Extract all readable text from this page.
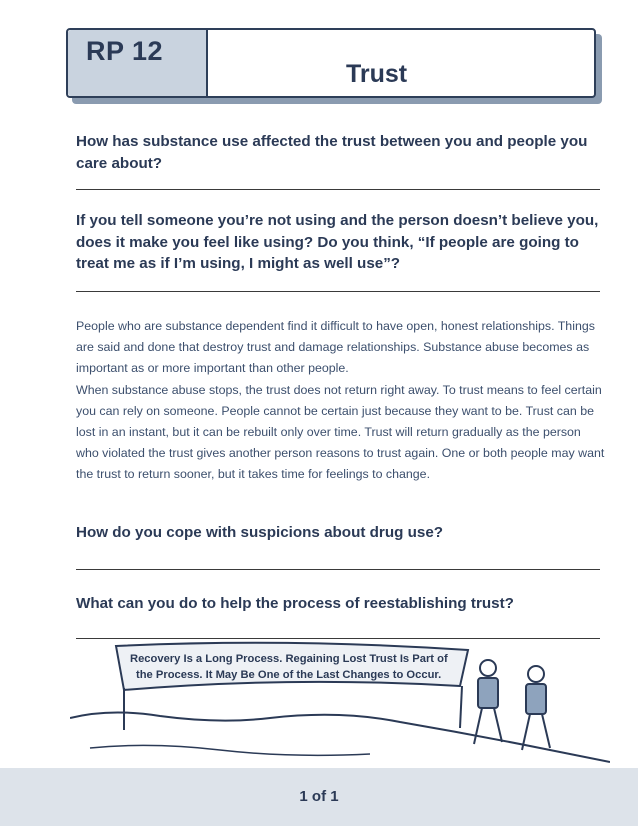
RP 12
Trust

How has substance use affected the trust between you and people you care about?

If you tell someone you’re not using and the person doesn’t believe you, does it make you feel like using? Do you think, “If people are going to treat me as if I’m using, I might as well use”?

People who are substance dependent find it difficult to have open, honest relationships. Things are said and done that destroy trust and damage relationships. Substance abuse becomes as important as or more important than other people.

When substance abuse stops, the trust does not return right away. To trust means to feel certain you can rely on someone. People cannot be certain just because they want to be. Trust can be lost in an instant, but it can be rebuilt only over time. Trust will return gradually as the person who violated the trust gives another person reasons to trust again. One or both people may want the trust to return sooner, but it takes time for feelings to change.

How do you cope with suspicions about drug use?

What can you do to help the process of reestablishing trust?

Recovery Is a Long Process. Regaining Lost Trust Is Part of
the Process. It May Be One of the Last Changes to Occur.
1 of 1
